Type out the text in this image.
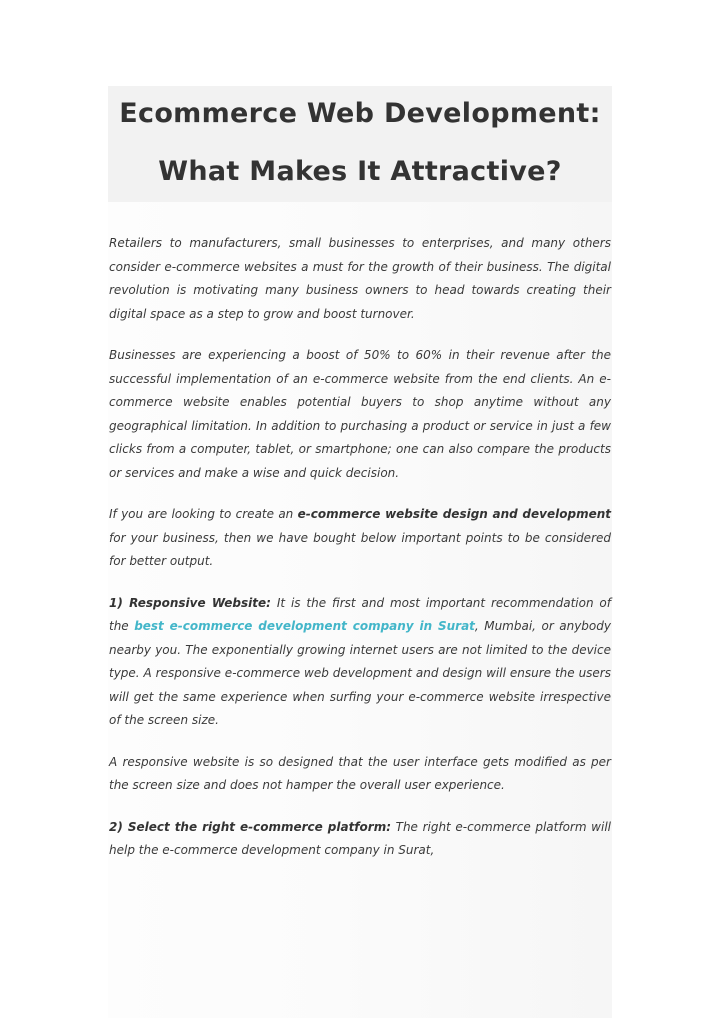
Ecommerce Web Development:
What Makes It Attractive?

Retailers to manufacturers, small businesses to enterprises, and many others consider e-commerce websites a must for the growth of their business. The digital revolution is motivating many business owners to head towards creating their digital space as a step to grow and boost turnover.

Businesses are experiencing a boost of 50% to 60% in their revenue after the successful implementation of an e-commerce website from the end clients. An e-commerce website enables potential buyers to shop anytime without any geographical limitation. In addition to purchasing a product or service in just a few clicks from a computer, tablet, or smartphone; one can also compare the products or services and make a wise and quick decision.

If you are looking to create an e-commerce website design and development for your business, then we have bought below important points to be considered for better output.

1) Responsive Website: It is the first and most important recommendation of the best e-commerce development company in Surat, Mumbai, or anybody nearby you. The exponentially growing internet users are not limited to the device type. A responsive e-commerce web development and design will ensure the users will get the same experience when surfing your e-commerce website irrespective of the screen size.

A responsive website is so designed that the user interface gets modified as per the screen size and does not hamper the overall user experience.

2) Select the right e-commerce platform: The right e-commerce platform will help the e-commerce development company in Surat,
